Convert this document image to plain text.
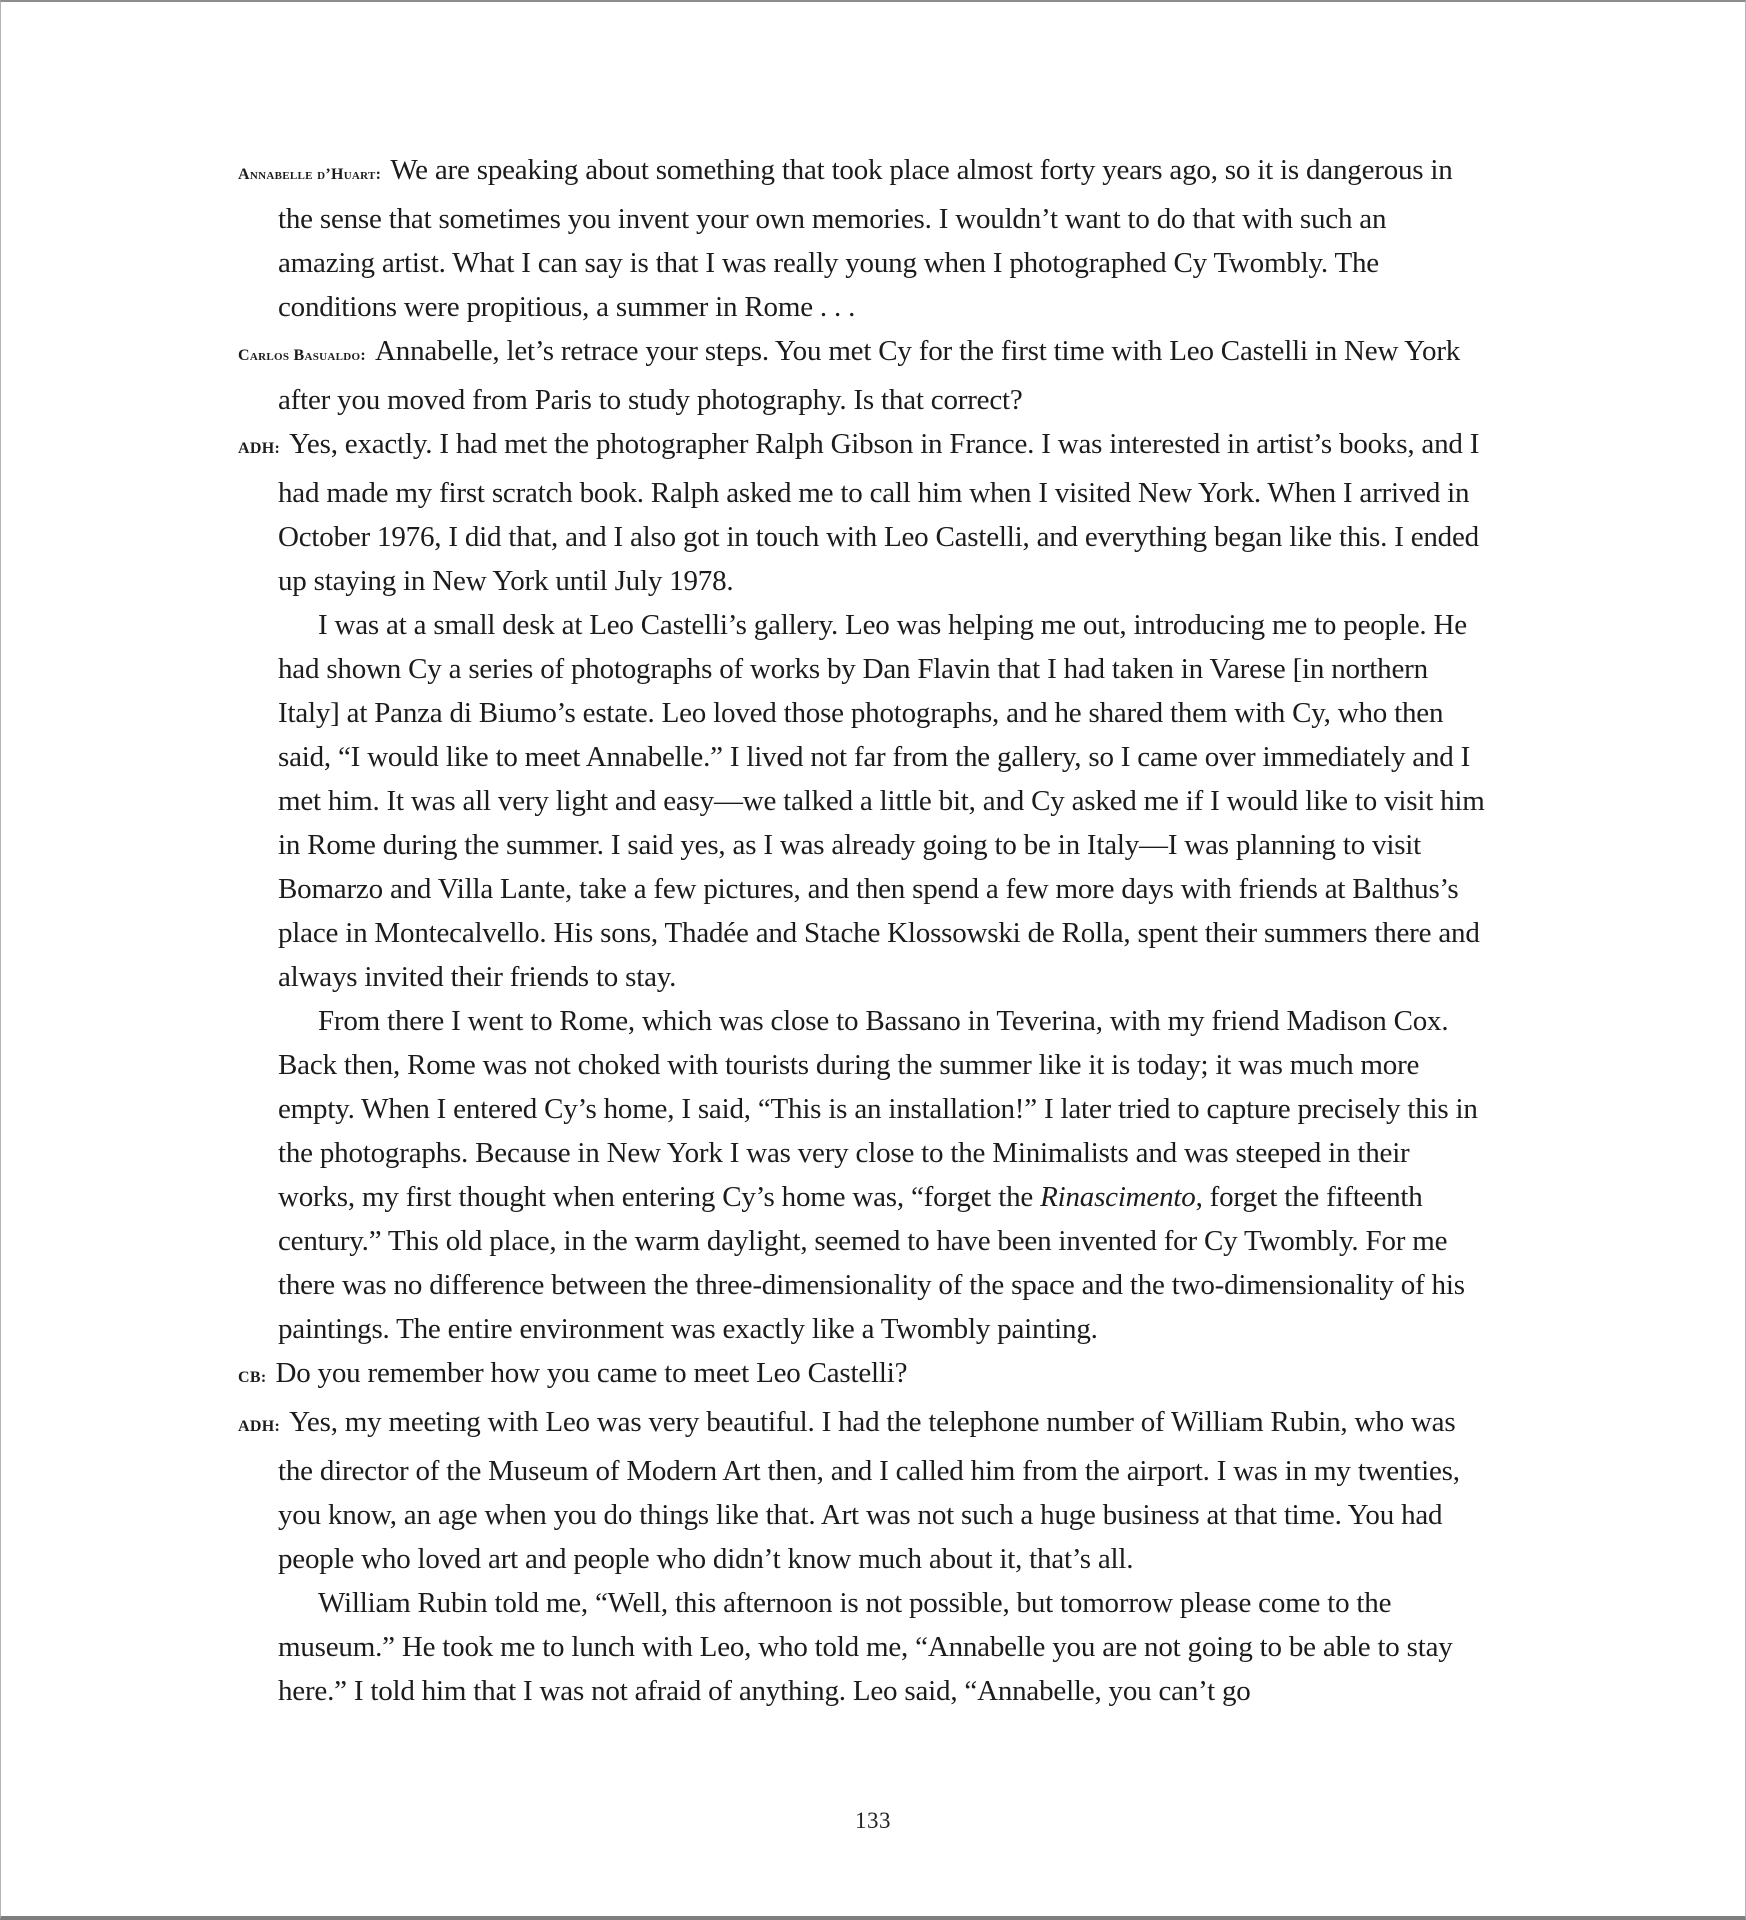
Annabelle d’Huart: We are speaking about something that took place almost forty years ago, so it is dangerous in the sense that sometimes you invent your own memories. I wouldn’t want to do that with such an amazing artist. What I can say is that I was really young when I photographed Cy Twombly. The conditions were propitious, a summer in Rome . . .

Carlos Basualdo: Annabelle, let’s retrace your steps. You met Cy for the first time with Leo Castelli in New York after you moved from Paris to study photography. Is that correct?

ADH: Yes, exactly. I had met the photographer Ralph Gibson in France. I was interested in artist’s books, and I had made my first scratch book. Ralph asked me to call him when I visited New York. When I arrived in October 1976, I did that, and I also got in touch with Leo Castelli, and everything began like this. I ended up staying in New York until July 1978.

I was at a small desk at Leo Castelli’s gallery. Leo was helping me out, introducing me to people. He had shown Cy a series of photographs of works by Dan Flavin that I had taken in Varese [in northern Italy] at Panza di Biumo’s estate. Leo loved those photographs, and he shared them with Cy, who then said, “I would like to meet Annabelle.” I lived not far from the gallery, so I came over immediately and I met him. It was all very light and easy—we talked a little bit, and Cy asked me if I would like to visit him in Rome during the summer. I said yes, as I was already going to be in Italy—I was planning to visit Bomarzo and Villa Lante, take a few pictures, and then spend a few more days with friends at Balthus’s place in Montecalvello. His sons, Thadée and Stache Klossowski de Rolla, spent their summers there and always invited their friends to stay.

From there I went to Rome, which was close to Bassano in Teverina, with my friend Madison Cox. Back then, Rome was not choked with tourists during the summer like it is today; it was much more empty. When I entered Cy’s home, I said, “This is an installation!” I later tried to capture precisely this in the photographs. Because in New York I was very close to the Minimalists and was steeped in their works, my first thought when entering Cy’s home was, “forget the Rinascimento, forget the fifteenth century.” This old place, in the warm daylight, seemed to have been invented for Cy Twombly. For me there was no difference between the three-dimensionality of the space and the two-dimensionality of his paintings. The entire environment was exactly like a Twombly painting.

CB: Do you remember how you came to meet Leo Castelli?

ADH: Yes, my meeting with Leo was very beautiful. I had the telephone number of William Rubin, who was the director of the Museum of Modern Art then, and I called him from the airport. I was in my twenties, you know, an age when you do things like that. Art was not such a huge business at that time. You had people who loved art and people who didn’t know much about it, that’s all.

William Rubin told me, “Well, this afternoon is not possible, but tomorrow please come to the museum.” He took me to lunch with Leo, who told me, “Annabelle you are not going to be able to stay here.” I told him that I was not afraid of anything. Leo said, “Annabelle, you can’t go

133
